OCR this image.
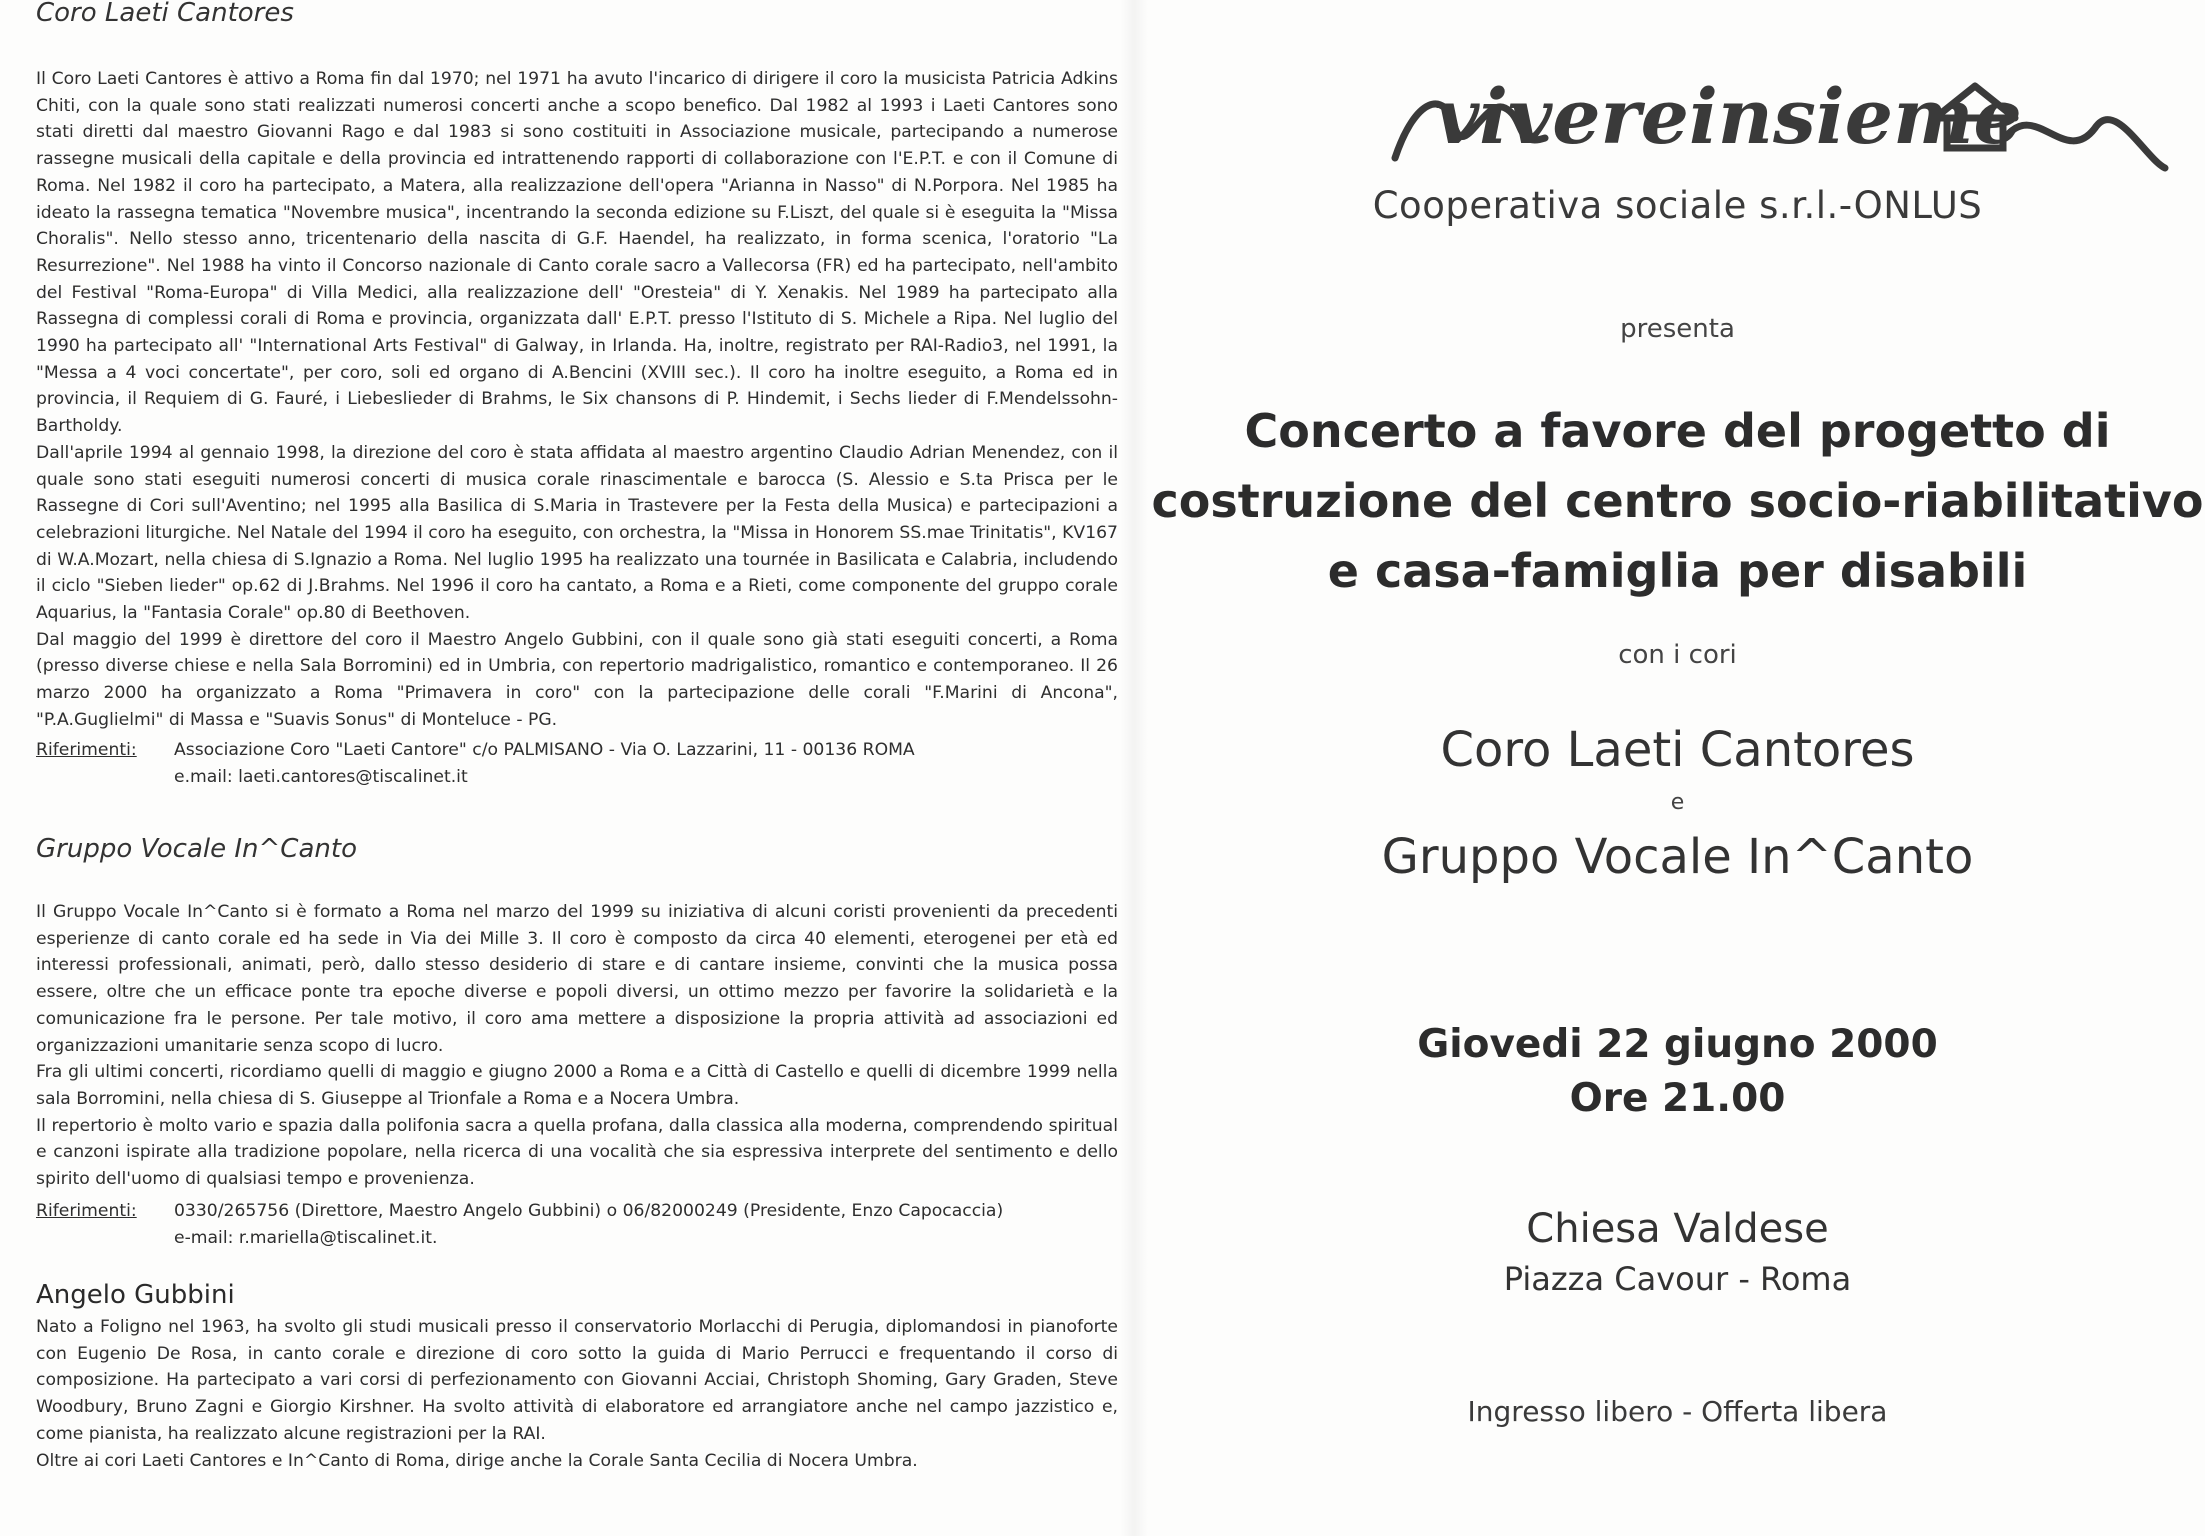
Coro Laeti Cantores

Il Coro Laeti Cantores è attivo a Roma fin dal 1970; nel 1971 ha avuto l'incarico di dirigere il coro la musicista Patricia Adkins Chiti, con la quale sono stati realizzati numerosi concerti anche a scopo benefico. Dal 1982 al 1993 i Laeti Cantores sono stati diretti dal maestro Giovanni Rago e dal 1983 si sono costituiti in Associazione musicale, partecipando a numerose rassegne musicali della capitale e della provincia ed intrattenendo rapporti di collaborazione con l'E.P.T. e con il Comune di Roma. Nel 1982 il coro ha partecipato, a Matera, alla realizzazione dell'opera "Arianna in Nasso" di N.Porpora. Nel 1985 ha ideato la rassegna tematica "Novembre musica", incentrando la seconda edizione su F.Liszt, del quale si è eseguita la "Missa Choralis". Nello stesso anno, tricentenario della nascita di G.F. Haendel, ha realizzato, in forma scenica, l'oratorio "La Resurrezione". Nel 1988 ha vinto il Concorso nazionale di Canto corale sacro a Vallecorsa (FR) ed ha partecipato, nell'ambito del Festival "Roma-Europa" di Villa Medici, alla realizzazione dell' "Oresteia" di Y. Xenakis. Nel 1989 ha partecipato alla Rassegna di complessi corali di Roma e provincia, organizzata dall' E.P.T. presso l'Istituto di S. Michele a Ripa. Nel luglio del 1990 ha partecipato all' "International Arts Festival" di Galway, in Irlanda. Ha, inoltre, registrato per RAI-Radio3, nel 1991, la "Messa a 4 voci concertate", per coro, soli ed organo di A.Bencini (XVIII sec.). Il coro ha inoltre eseguito, a Roma ed in provincia, il Requiem di G. Fauré, i Liebeslieder di Brahms, le Six chansons di P. Hindemit, i Sechs lieder di F.Mendelssohn-Bartholdy.

Dall'aprile 1994 al gennaio 1998, la direzione del coro è stata affidata al maestro argentino Claudio Adrian Menendez, con il quale sono stati eseguiti numerosi concerti di musica corale rinascimentale e barocca (S. Alessio e S.ta Prisca per le Rassegne di Cori sull'Aventino; nel 1995 alla Basilica di S.Maria in Trastevere per la Festa della Musica) e partecipazioni a celebrazioni liturgiche. Nel Natale del 1994 il coro ha eseguito, con orchestra, la "Missa in Honorem SS.mae Trinitatis", KV167 di W.A.Mozart, nella chiesa di S.Ignazio a Roma. Nel luglio 1995 ha realizzato una tournée in Basilicata e Calabria, includendo il ciclo "Sieben lieder" op.62 di J.Brahms. Nel 1996 il coro ha cantato, a Roma e a Rieti, come componente del gruppo corale Aquarius, la "Fantasia Corale" op.80 di Beethoven.

Dal maggio del 1999 è direttore del coro il Maestro Angelo Gubbini, con il quale sono già stati eseguiti concerti, a Roma (presso diverse chiese e nella Sala Borromini) ed in Umbria, con repertorio madrigalistico, romantico e contemporaneo. Il 26 marzo 2000 ha organizzato a Roma "Primavera in coro" con la partecipazione delle corali "F.Marini di Ancona", "P.A.Guglielmi" di Massa e "Suavis Sonus" di Monteluce - PG.

Riferimenti: Associazione Coro "Laeti Cantore" c/o PALMISANO - Via O. Lazzarini, 11 - 00136 ROMA
e.mail: laeti.cantores@tiscalinet.it
Gruppo Vocale In^Canto

Il Gruppo Vocale In^Canto si è formato a Roma nel marzo del 1999 su iniziativa di alcuni coristi provenienti da precedenti esperienze di canto corale ed ha sede in Via dei Mille 3. Il coro è composto da circa 40 elementi, eterogenei per età ed interessi professionali, animati, però, dallo stesso desiderio di stare e di cantare insieme, convinti che la musica possa essere, oltre che un efficace ponte tra epoche diverse e popoli diversi, un ottimo mezzo per favorire la solidarietà e la comunicazione fra le persone. Per tale motivo, il coro ama mettere a disposizione la propria attività ad associazioni ed organizzazioni umanitarie senza scopo di lucro.

Fra gli ultimi concerti, ricordiamo quelli di maggio e giugno 2000 a Roma e a Città di Castello e quelli di dicembre 1999 nella sala Borromini, nella chiesa di S. Giuseppe al Trionfale a Roma e a Nocera Umbra.

Il repertorio è molto vario e spazia dalla polifonia sacra a quella profana, dalla classica alla moderna, comprendendo spiritual e canzoni ispirate alla tradizione popolare, nella ricerca di una vocalità che sia espressiva interprete del sentimento e dello spirito dell'uomo di qualsiasi tempo e provenienza.

Riferimenti: 0330/265756 (Direttore, Maestro Angelo Gubbini) o 06/82000249 (Presidente, Enzo Capocaccia)
e-mail: r.mariella@tiscalinet.it.
Angelo Gubbini

Nato a Foligno nel 1963, ha svolto gli studi musicali presso il conservatorio Morlacchi di Perugia, diplomandosi in pianoforte con Eugenio De Rosa, in canto corale e direzione di coro sotto la guida di Mario Perrucci e frequentando il corso di composizione. Ha partecipato a vari corsi di perfezionamento con Giovanni Acciai, Christoph Shoming, Gary Graden, Steve Woodbury, Bruno Zagni e Giorgio Kirshner. Ha svolto attività di elaboratore ed arrangiatore anche nel campo jazzistico e, come pianista, ha realizzato alcune registrazioni per la RAI.

Oltre ai cori Laeti Cantores e In^Canto di Roma, dirige anche la Corale Santa Cecilia di Nocera Umbra.

vivereinsieme
Cooperativa sociale s.r.l.-ONLUS
presenta
Concerto a favore del progetto di
costruzione del centro socio-riabilitativo
e casa-famiglia per disabili
con i cori
Coro Laeti Cantores
e
Gruppo Vocale In^Canto
Giovedi 22 giugno 2000
Ore 21.00
Chiesa Valdese
Piazza Cavour - Roma
Ingresso libero - Offerta libera
